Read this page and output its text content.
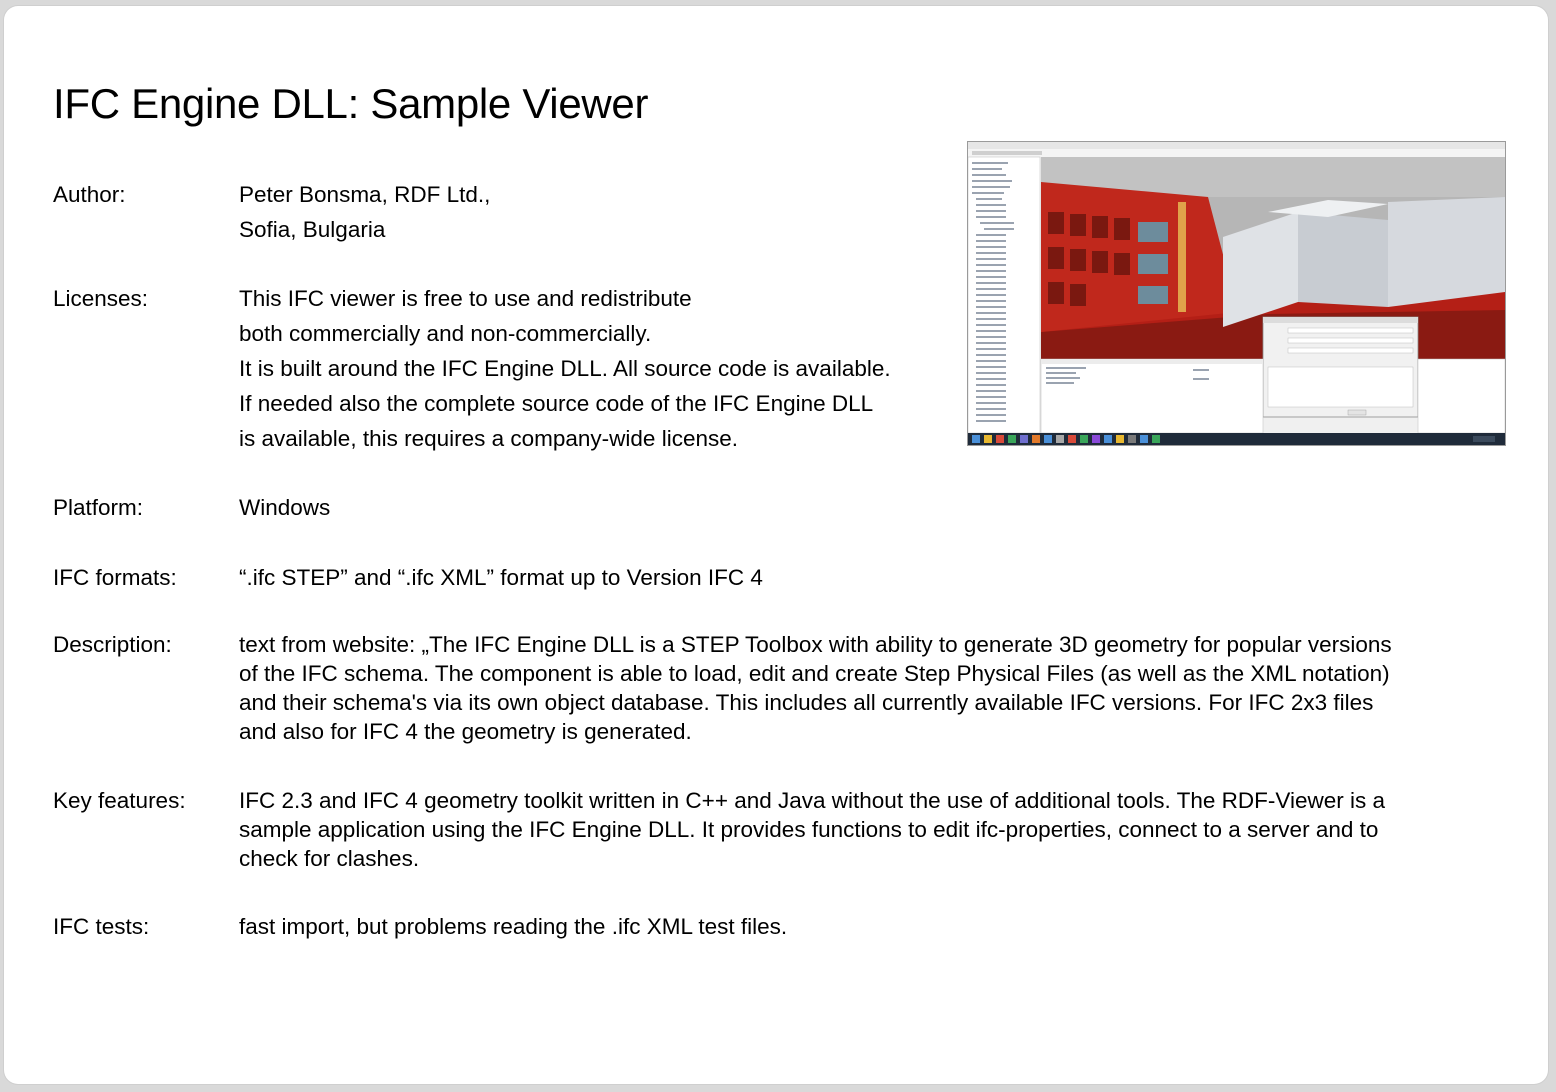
IFC Engine DLL: Sample Viewer
Author:	Peter Bonsma, RDF Ltd.,
Sofia, Bulgaria
Licenses:	This IFC viewer is free to use and redistribute
both commercially and non-commercially.
It is built around the IFC Engine DLL. All source code is available.
If needed also the complete source code of the IFC Engine DLL
is available, this requires a company-wide license.
Platform:	Windows
IFC formats:	“.ifc STEP” and “.ifc XML” format up to Version IFC 4
Description:	text from website: „The IFC Engine DLL is a STEP Toolbox with ability to generate 3D geometry for popular versions
of the IFC schema. The component is able to load, edit and create Step Physical Files (as well as the XML notation)
and their schema's via its own object database. This includes all currently available IFC versions. For IFC 2x3 files
and also for IFC 4 the geometry is generated.
Key features: IFC 2.3 and IFC 4 geometry toolkit written in C++ and Java without the use of additional tools. The RDF-Viewer is a
sample application using the IFC Engine DLL. It provides functions to edit ifc-properties, connect to a server and to
check for clashes.
IFC tests:	fast import, but problems reading the .ifc XML test files.
